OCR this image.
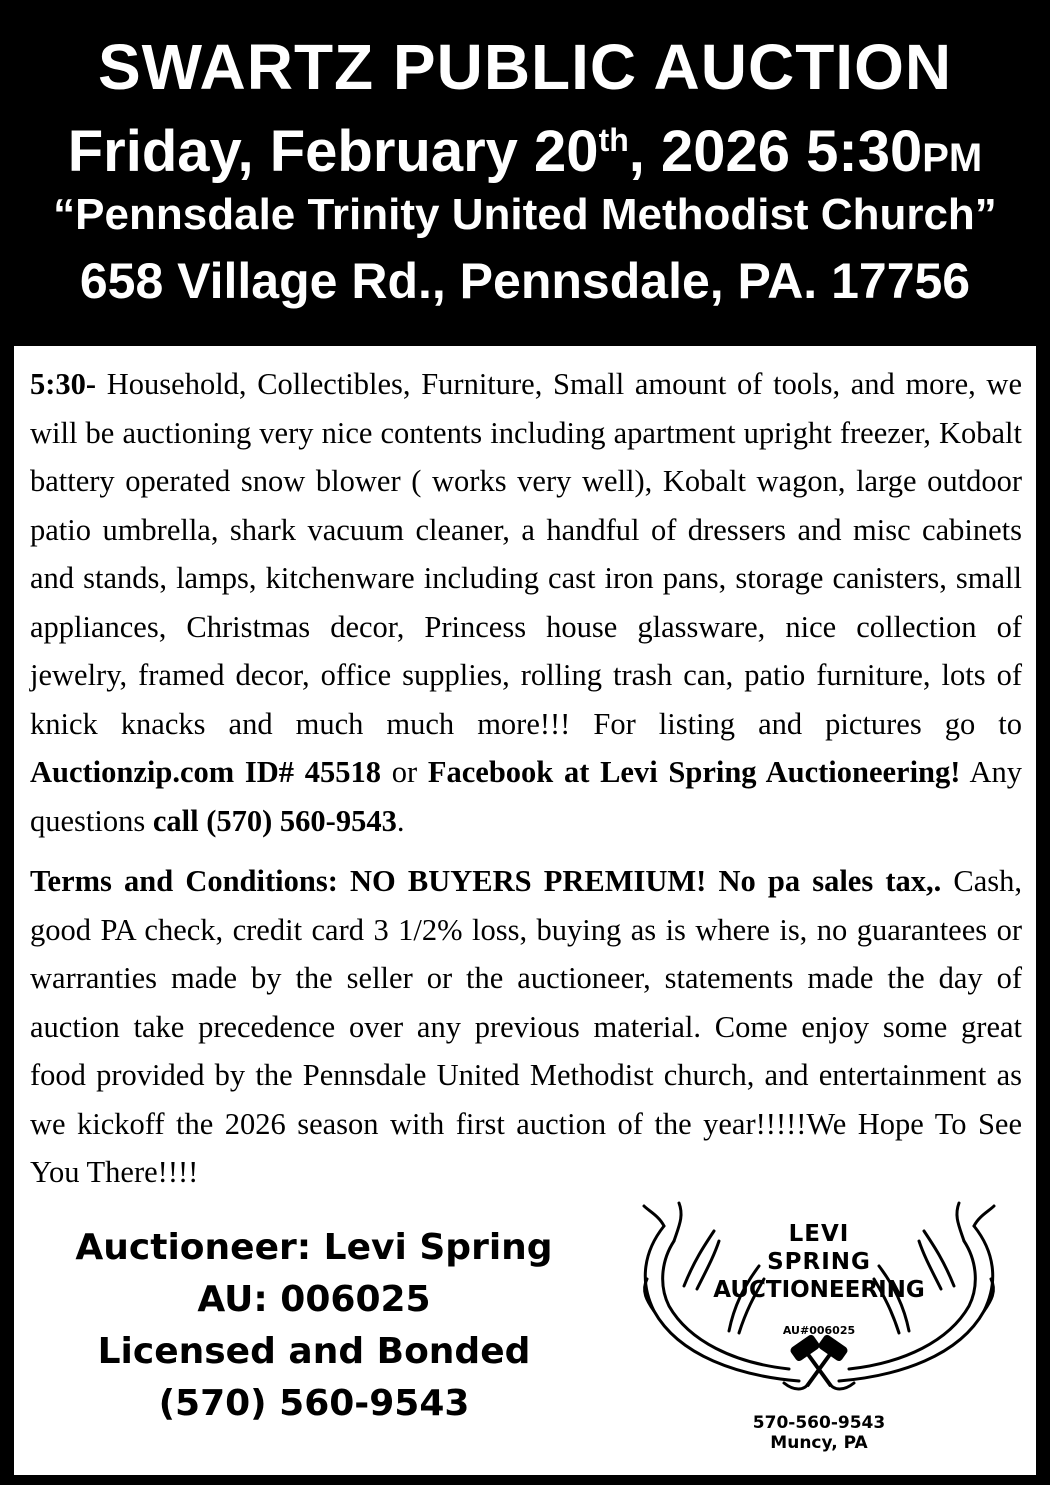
SWARTZ PUBLIC AUCTION
Friday, February 20th, 2026 5:30PM
“Pennsdale Trinity United Methodist Church”
658 Village Rd., Pennsdale, PA. 17756

5:30- Household, Collectibles, Furniture, Small amount of tools, and more, we will be auctioning very nice contents including apartment upright freezer, Kobalt battery operated snow blower ( works very well), Kobalt wagon, large outdoor patio umbrella, shark vacuum cleaner, a handful of dressers and misc cabinets and stands, lamps, kitchenware including cast iron pans, storage canisters, small appliances, Christmas decor, Princess house glassware, nice collection of jewelry, framed decor, office supplies, rolling trash can, patio furniture, lots of knick knacks and much much more!!! For listing and pictures go to Auctionzip.com ID# 45518 or Facebook at Levi Spring Auctioneering! Any questions call (570) 560-9543.

Terms and Conditions: NO BUYERS PREMIUM! No pa sales tax,. Cash, good PA check, credit card 3 1/2% loss, buying as is where is, no guarantees or warranties made by the seller or the auctioneer, statements made the day of auction take precedence over any previous material. Come enjoy some great food provided by the Pennsdale United Methodist church, and entertainment as we kickoff the 2026 season with first auction of the year!!!!!We Hope To See You There!!!!

Auctioneer: Levi Spring
AU: 006025
Licensed and Bonded
(570) 560-9543
LEVI
SPRING
AUCTIONEERING
AU#006025
570-560-9543
Muncy, PA
